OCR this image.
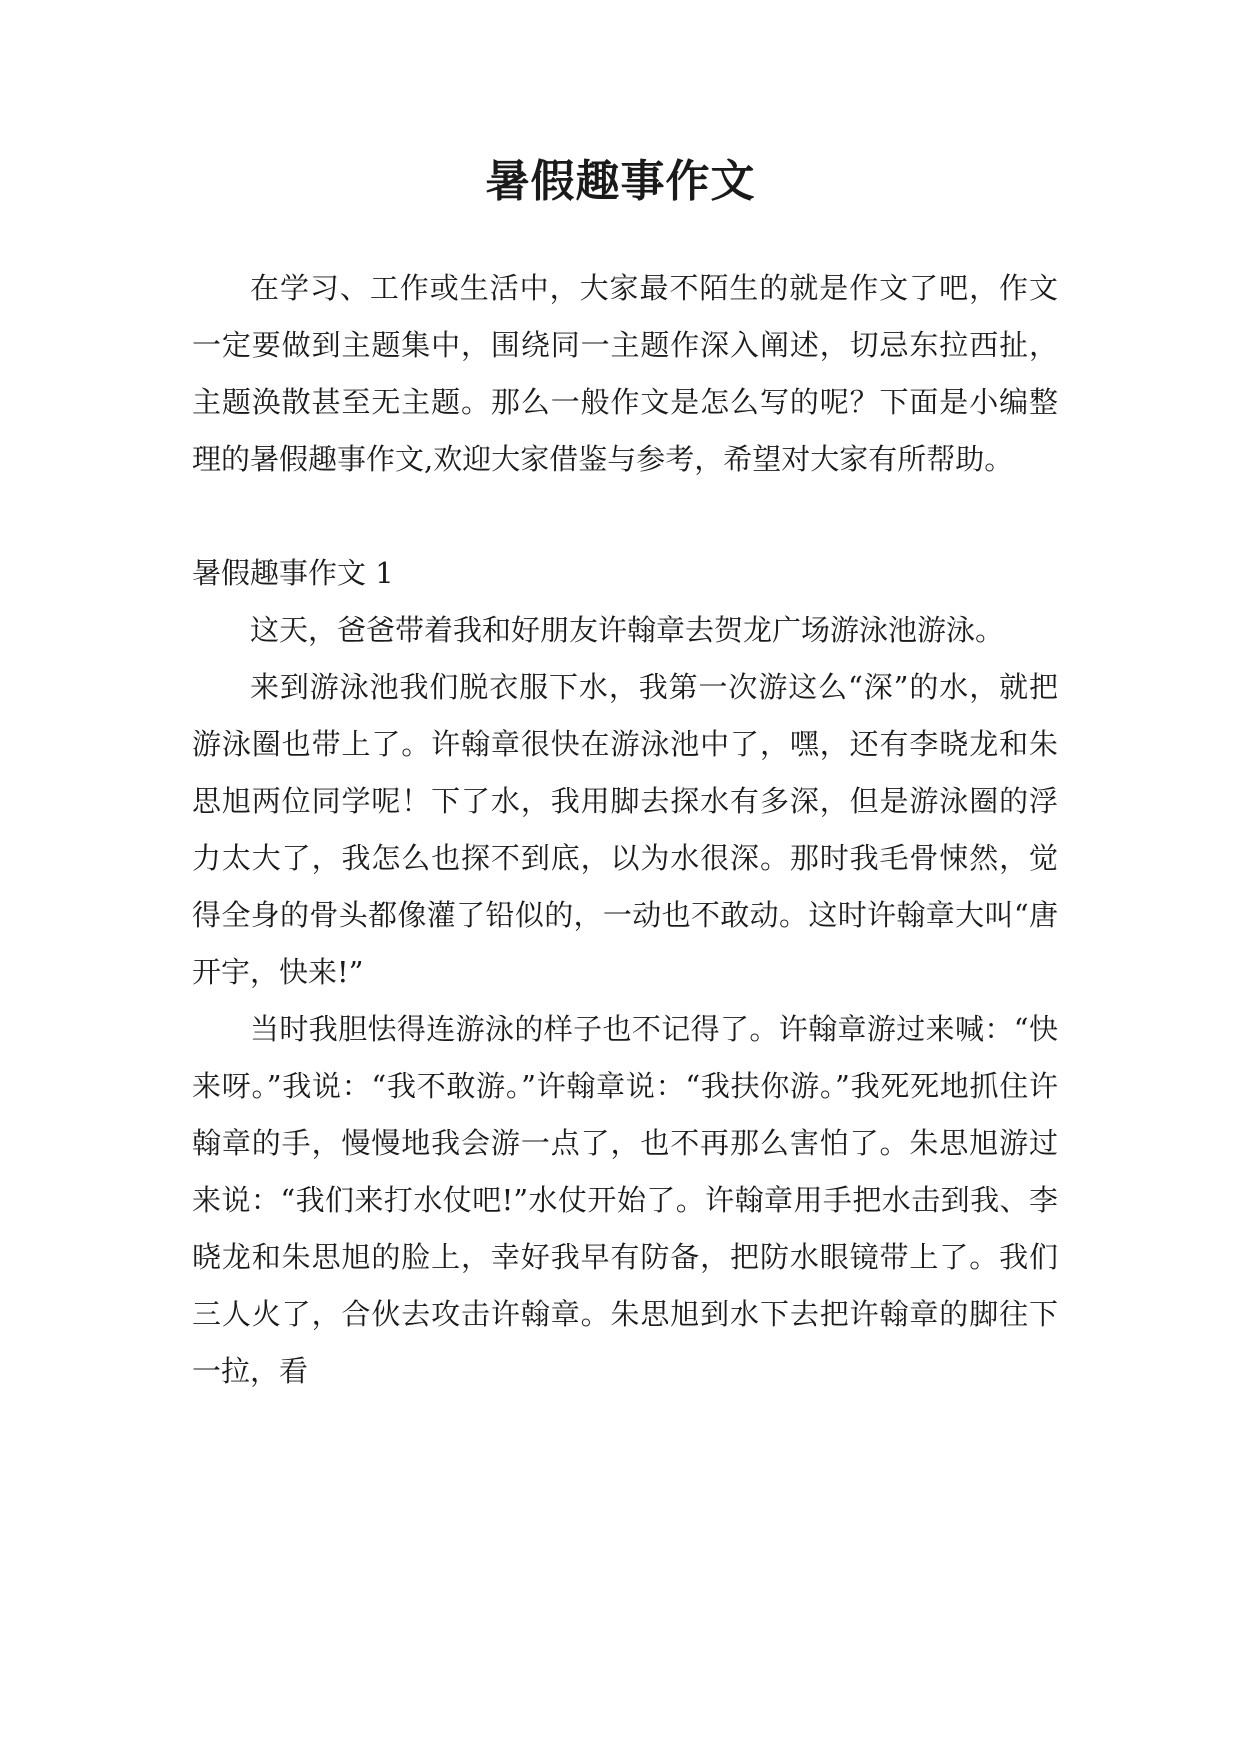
暑假趣事作文

在学习、工作或生活中，大家最不陌生的就是作文了吧，作文一定要做到主题集中，围绕同一主题作深入阐述，切忌东拉西扯，主题涣散甚至无主题。那么一般作文是怎么写的呢？下面是小编整理的暑假趣事作文,欢迎大家借鉴与参考，希望对大家有所帮助。

暑假趣事作文 1

这天，爸爸带着我和好朋友许翰章去贺龙广场游泳池游泳。

来到游泳池我们脱衣服下水，我第一次游这么“深”的水，就把游泳圈也带上了。许翰章很快在游泳池中了，嘿，还有李晓龙和朱思旭两位同学呢！下了水，我用脚去探水有多深，但是游泳圈的浮力太大了，我怎么也探不到底，以为水很深。那时我毛骨悚然，觉得全身的骨头都像灌了铅似的，一动也不敢动。这时许翰章大叫“唐开宇，快来!”

当时我胆怯得连游泳的样子也不记得了。许翰章游过来喊：“快来呀。”我说：“我不敢游。”许翰章说：“我扶你游。”我死死地抓住许翰章的手，慢慢地我会游一点了，也不再那么害怕了。朱思旭游过来说：“我们来打水仗吧!”水仗开始了。许翰章用手把水击到我、李晓龙和朱思旭的脸上，幸好我早有防备，把防水眼镜带上了。我们三人火了，合伙去攻击许翰章。朱思旭到水下去把许翰章的脚往下一拉，看
